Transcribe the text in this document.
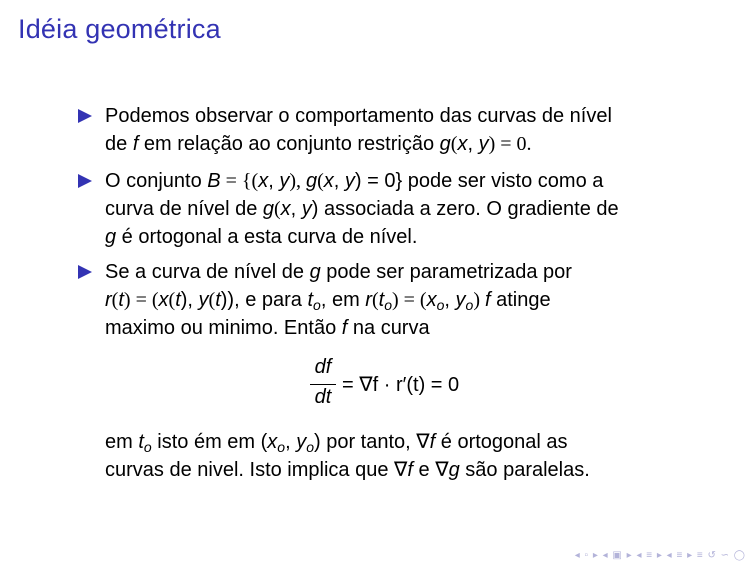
Idéia geométrica
Podemos observar o comportamento das curvas de nível
de f em relação ao conjunto restrição g(x, y) = 0.
O conjunto B = {(x, y), g(x, y) = 0} pode ser visto como a
curva de nível de g(x, y) associada a zero. O gradiente de
g é ortogonal a esta curva de nível.
Se a curva de nível de g pode ser parametrizada por
r(t) = (x(t), y(t)), e para $t_o$, em $r(t_o) = (x_o$, $y_o$) f atinge
maximo ou minimo. Então f na curva
df
dt
= ∇f · r′(t) = 0
em $t_o$ isto ém em ($x_o$, $y_o$) por tanto, ∇f é ortogonal as
curvas de nivel. Isto implica que ∇f e ∇g são paralelas.
◂ ▫ ▸ ◂ ▣ ▸ ◂ ≡ ▸ ◂ ≡ ▸ ≡ ↺ ∽ ◯
